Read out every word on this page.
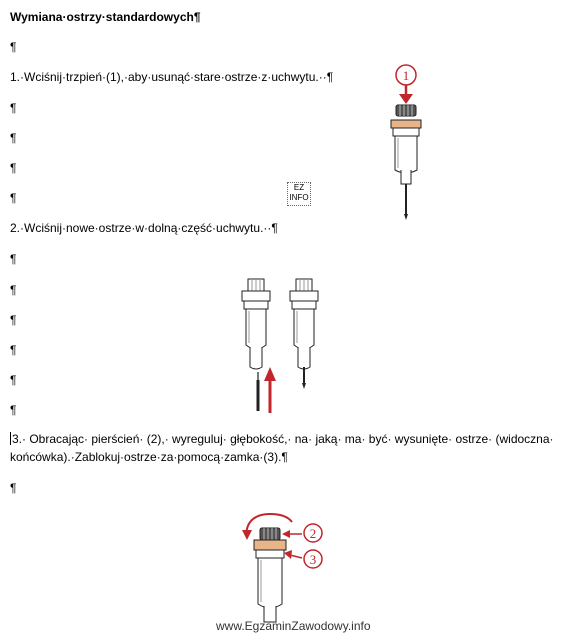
Wymiana·ostrzy·standardowych¶

¶

1.·Wciśnij·trzpień·(1),·aby·usunąć·stare·ostrze·z·uchwytu.··¶

¶

¶

¶

¶

2.·Wciśnij·nowe·ostrze·w·dolną·część·uchwytu.··¶

¶

¶

¶

¶

¶

¶

3.· Obracając· pierścień· (2),· wyreguluj· głębokość,· na· jaką· ma· być· wysunięte· ostrze· (widoczna·

końcówka).·Zablokuj·ostrze·za·pomocą·zamka·(3).¶

¶

1
EZ
INFO
2
3
www.EgzaminZawodowy.info
